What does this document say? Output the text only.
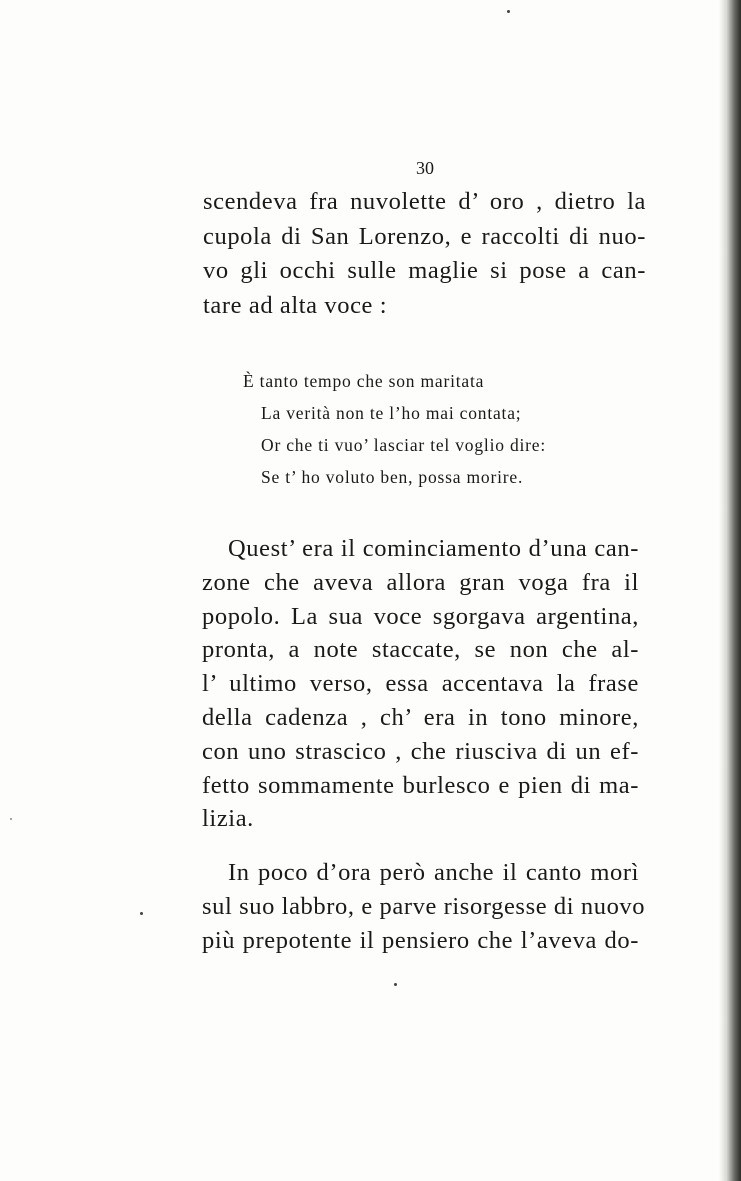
30
scendeva fra nuvolette d’ oro , dietro la
cupola di San Lorenzo, e raccolti di nuo-
vo gli occhi sulle maglie si pose a can-
tare ad alta voce :
È tanto tempo che son maritata
La verità non te l’ho mai contata;
Or che ti vuo’ lasciar tel voglio dire:
Se t’ ho voluto ben, possa morire.
Quest’ era il cominciamento d’una can-
zone che aveva allora gran voga fra il
popolo. La sua voce sgorgava argentina,
pronta, a note staccate, se non che al-
l’ ultimo verso, essa accentava la frase
della cadenza , ch’ era in tono minore,
con uno strascico , che riusciva di un ef-
fetto sommamente burlesco e pien di ma-
lizia.
In poco d’ora però anche il canto morì
sul suo labbro, e parve risorgesse di nuovo
più prepotente il pensiero che l’aveva do-
